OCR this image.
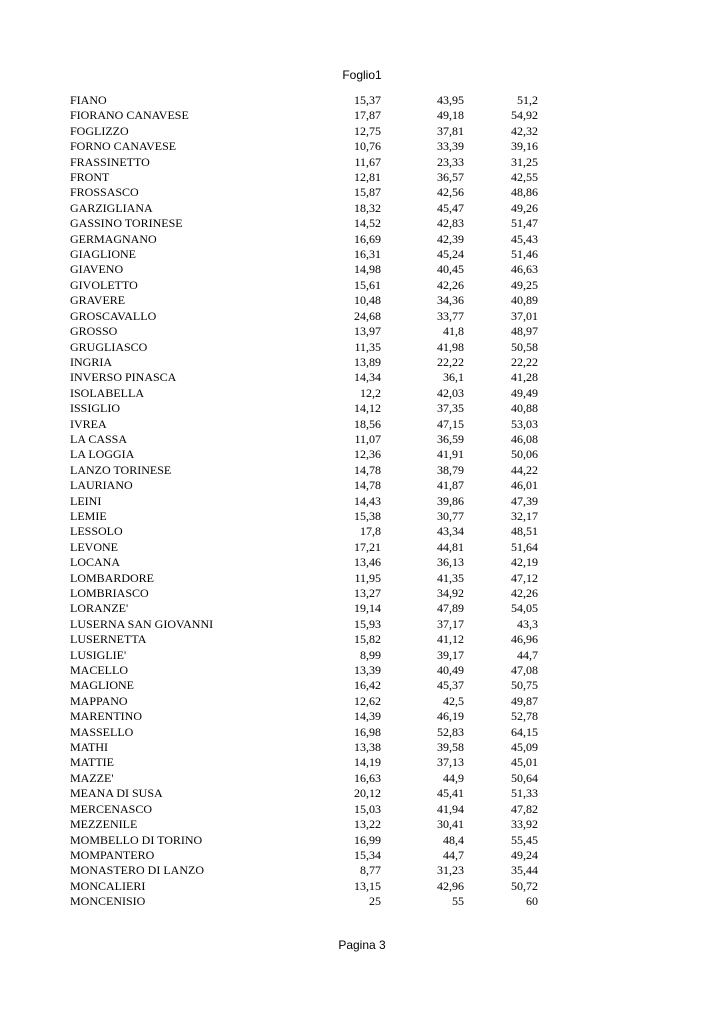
Foglio1
FIANO	15,37	43,95	51,2
FIORANO CANAVESE	17,87	49,18	54,92
FOGLIZZO	12,75	37,81	42,32
FORNO CANAVESE	10,76	33,39	39,16
FRASSINETTO	11,67	23,33	31,25
FRONT	12,81	36,57	42,55
FROSSASCO	15,87	42,56	48,86
GARZIGLIANA	18,32	45,47	49,26
GASSINO TORINESE	14,52	42,83	51,47
GERMAGNANO	16,69	42,39	45,43
GIAGLIONE	16,31	45,24	51,46
GIAVENO	14,98	40,45	46,63
GIVOLETTO	15,61	42,26	49,25
GRAVERE	10,48	34,36	40,89
GROSCAVALLO	24,68	33,77	37,01
GROSSO	13,97	41,8	48,97
GRUGLIASCO	11,35	41,98	50,58
INGRIA	13,89	22,22	22,22
INVERSO PINASCA	14,34	36,1	41,28
ISOLABELLA	12,2	42,03	49,49
ISSIGLIO	14,12	37,35	40,88
IVREA	18,56	47,15	53,03
LA CASSA	11,07	36,59	46,08
LA LOGGIA	12,36	41,91	50,06
LANZO TORINESE	14,78	38,79	44,22
LAURIANO	14,78	41,87	46,01
LEINI	14,43	39,86	47,39
LEMIE	15,38	30,77	32,17
LESSOLO	17,8	43,34	48,51
LEVONE	17,21	44,81	51,64
LOCANA	13,46	36,13	42,19
LOMBARDORE	11,95	41,35	47,12
LOMBRIASCO	13,27	34,92	42,26
LORANZE'	19,14	47,89	54,05
LUSERNA SAN GIOVANNI	15,93	37,17	43,3
LUSERNETTA	15,82	41,12	46,96
LUSIGLIE'	8,99	39,17	44,7
MACELLO	13,39	40,49	47,08
MAGLIONE	16,42	45,37	50,75
MAPPANO	12,62	42,5	49,87
MARENTINO	14,39	46,19	52,78
MASSELLO	16,98	52,83	64,15
MATHI	13,38	39,58	45,09
MATTIE	14,19	37,13	45,01
MAZZE'	16,63	44,9	50,64
MEANA DI SUSA	20,12	45,41	51,33
MERCENASCO	15,03	41,94	47,82
MEZZENILE	13,22	30,41	33,92
MOMBELLO DI TORINO	16,99	48,4	55,45
MOMPANTERO	15,34	44,7	49,24
MONASTERO DI LANZO	8,77	31,23	35,44
MONCALIERI	13,15	42,96	50,72
MONCENISIO	25	55	60
Pagina 3
